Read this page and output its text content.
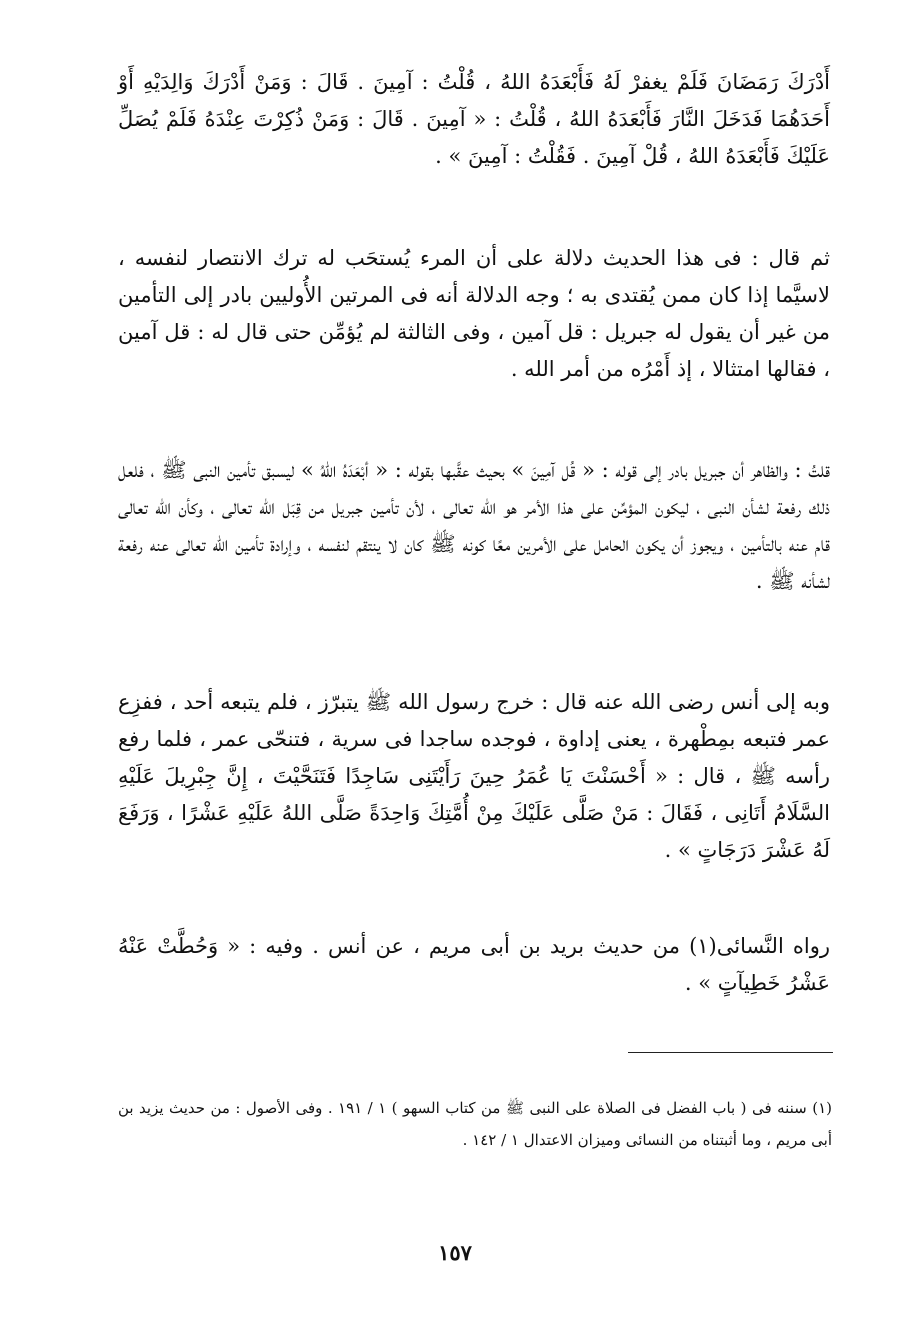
أَدْرَكَ رَمَضَانَ فَلَمْ يغفرْ لَهُ فَأَبْعَدَهُ اللهُ ، قُلْتُ : آمِينَ . قَالَ : وَمَنْ أَدْرَكَ وَالِدَيْهِ أَوْ أَحَدَهُمَا فَدَخَلَ النَّارَ فَأَبْعَدَهُ اللهُ ، قُلْتُ : « آمِينَ . قَالَ : وَمَنْ ذُكِرْتَ عِنْدَهُ فَلَمْ يُصَلِّ عَلَيْكَ فَأَبْعَدَهُ اللهُ ، قُلْ آمِينَ . فَقُلْتُ : آمِينَ » .

ثم قال : فى هذا الحديث دلالة على أن المرء يُستحَب له ترك الانتصار لنفسه ، لاسيَّما إذا كان ممن يُقتدى به ؛ وجه الدلالة أنه فى المرتين الأُوليين بادر إلى التأمين من غير أن يقول له جبريل : قل آمين ، وفى الثالثة لم يُؤمِّن حتى قال له : قل آمين ، فقالها امتثالا ، إذ أَمْرُه من أمر الله .

قلتُ : والظاهر أن جبريل بادر إلى قوله : « قُل آمِينَ » بحيث عقَّبها بقوله : « أبْعَدَهُ اللهُ » ليسبق تأمين النبى ﷺ ، فلعل ذلك رفعة لشأن النبى ، ليكون المؤمِّن على هذا الأمر هو الله تعالى ، لأن تأمين جبريل من قِبَل الله تعالى ، وكأن الله تعالى قام عنه بالتأمين ، ويجوز أن يكون الحامل على الأمرين معًا كونه ﷺ كان لا ينتقم لنفسه ، وإرادة تأمين الله تعالى عنه رفعة لشأنه ﷺ .

وبه إلى أنس رضى الله عنه قال : خرج رسول الله ﷺ يتبرّز ، فلم يتبعه أحد ، ففزِع عمر فتبعه بمِطْهرة ، يعنى إداوة ، فوجده ساجدا فى سرية ، فتنحّى عمر ، فلما رفع رأسه ﷺ ، قال : « أَحْسَنْتَ يَا عُمَرُ حِينَ رَأَيْتَنِى سَاجِدًا فَتَنَحَّيْتَ ، إِنَّ جِبْرِيلَ عَلَيْهِ السَّلَامُ أَتَانِى ، فَقَالَ : مَنْ صَلَّى عَلَيْكَ مِنْ أُمَّتِكَ وَاحِدَةً صَلَّى اللهُ عَلَيْهِ عَشْرًا ، وَرَفَعَ لَهُ عَشْرَ دَرَجَاتٍ » .

رواه النَّسائى(١) من حديث بريد بن أبى مريم ، عن أنس . وفيه : « وَحُطَّتْ عَنْهُ عَشْرُ خَطِيآتٍ » .

(١) سننه فى ( باب الفضل فى الصلاة على النبى ﷺ من كتاب السهو ) ١ / ١٩١ . وفى الأصول : من حديث يزيد بن أبى مريم ، وما أثبتناه من النسائى وميزان الاعتدال ١ / ١٤٢ .

١٥٧
